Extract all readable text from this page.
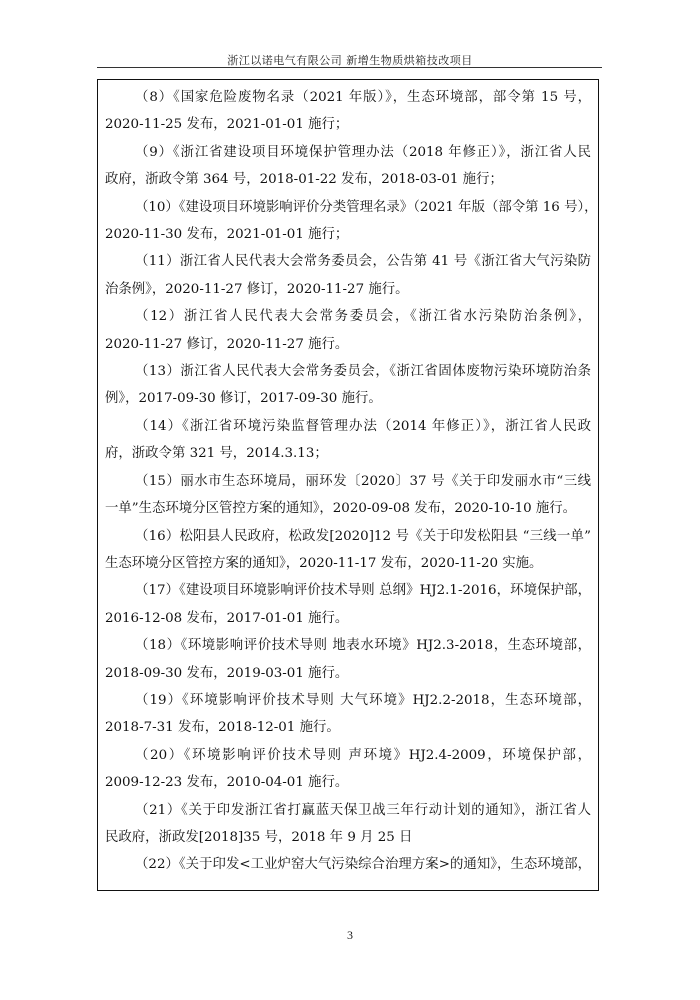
浙江以诺电气有限公司 新增生物质烘箱技改项目

（8）《国家危险废物名录（2021 年版）》，生态环境部，部令第 15 号，
2020-11-25 发布，2021-01-01 施行；

（9）《浙江省建设项目环境保护管理办法（2018 年修正）》，浙江省人民
政府，浙政令第 364 号，2018-01-22 发布，2018-03-01 施行；

（10）《建设项目环境影响评价分类管理名录》（2021 年版（部令第 16 号），
2020-11-30 发布，2021-01-01 施行；

（11）浙江省人民代表大会常务委员会，公告第 41 号《浙江省大气污染防
治条例》，2020-11-27 修订，2020-11-27 施行。

（12）浙江省人民代表大会常务委员会，《浙江省水污染防治条例》，
2020-11-27 修订，2020-11-27 施行。

（13）浙江省人民代表大会常务委员会，《浙江省固体废物污染环境防治条
例》，2017-09-30 修订，2017-09-30 施行。

（14）《浙江省环境污染监督管理办法（2014 年修正）》，浙江省人民政
府，浙政令第 321 号，2014.3.13；

（15）丽水市生态环境局，丽环发〔2020〕37 号《关于印发丽水市“三线
一单”生态环境分区管控方案的通知》，2020-09-08 发布，2020-10-10 施行。

（16）松阳县人民政府，松政发[2020]12 号《关于印发松阳县 “三线一单”
生态环境分区管控方案的通知》，2020-11-17 发布，2020-11-20 实施。

（17）《建设项目环境影响评价技术导则 总纲》HJ2.1-2016，环境保护部，
2016-12-08 发布，2017-01-01 施行。

（18）《环境影响评价技术导则 地表水环境》HJ2.3-2018，生态环境部，
2018-09-30 发布，2019-03-01 施行。

（19）《环境影响评价技术导则 大气环境》HJ2.2-2018，生态环境部，
2018-7-31 发布，2018-12-01 施行。

（20）《环境影响评价技术导则 声环境》HJ2.4-2009，环境保护部，
2009-12-23 发布，2010-04-01 施行。

（21）《关于印发浙江省打赢蓝天保卫战三年行动计划的通知》，浙江省人
民政府，浙政发[2018]35 号，2018 年 9 月 25 日

（22）《关于印发<工业炉窑大气污染综合治理方案>的通知》，生态环境部，

3
